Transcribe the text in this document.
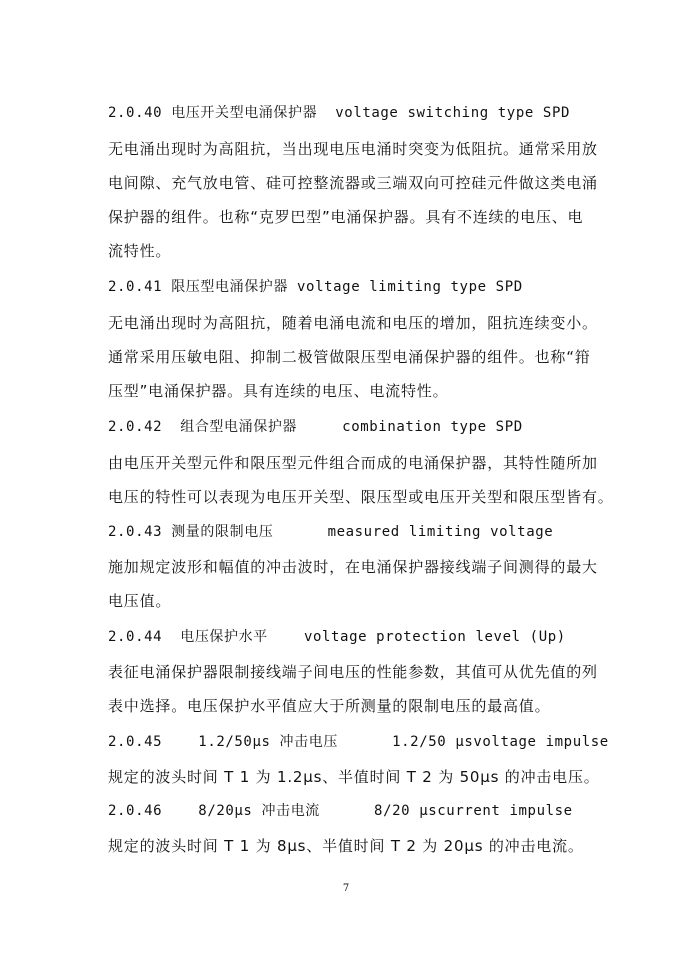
2.0.40 电压开关型电涌保护器  voltage switching type SPD
无电涌出现时为高阻抗，当出现电压电涌时突变为低阻抗。通常采用放
电间隙、充气放电管、硅可控整流器或三端双向可控硅元件做这类电涌
保护器的组件。也称“克罗巴型”电涌保护器。具有不连续的电压、电
流特性。
2.0.41 限压型电涌保护器 voltage limiting type SPD
无电涌出现时为高阻抗，随着电涌电流和电压的增加，阻抗连续变小。
通常采用压敏电阻、抑制二极管做限压型电涌保护器的组件。也称“箝
压型”电涌保护器。具有连续的电压、电流特性。
2.0.42  组合型电涌保护器     combination type SPD
由电压开关型元件和限压型元件组合而成的电涌保护器，其特性随所加
电压的特性可以表现为电压开关型、限压型或电压开关型和限压型皆有。
2.0.43 测量的限制电压      measured limiting voltage
施加规定波形和幅值的冲击波时，在电涌保护器接线端子间测得的最大
电压值。
2.0.44  电压保护水平    voltage protection level (Up)
表征电涌保护器限制接线端子间电压的性能参数，其值可从优先值的列
表中选择。电压保护水平值应大于所测量的限制电压的最高值。
2.0.45    1.2/50μs 冲击电压      1.2/50 μsvoltage impulse
规定的波头时间 T 1 为 1.2μs、半值时间 T 2 为 50μs 的冲击电压。
2.0.46    8/20μs 冲击电流      8/20 μscurrent impulse
规定的波头时间 T 1 为 8μs、半值时间 T 2 为 20μs 的冲击电流。
7
